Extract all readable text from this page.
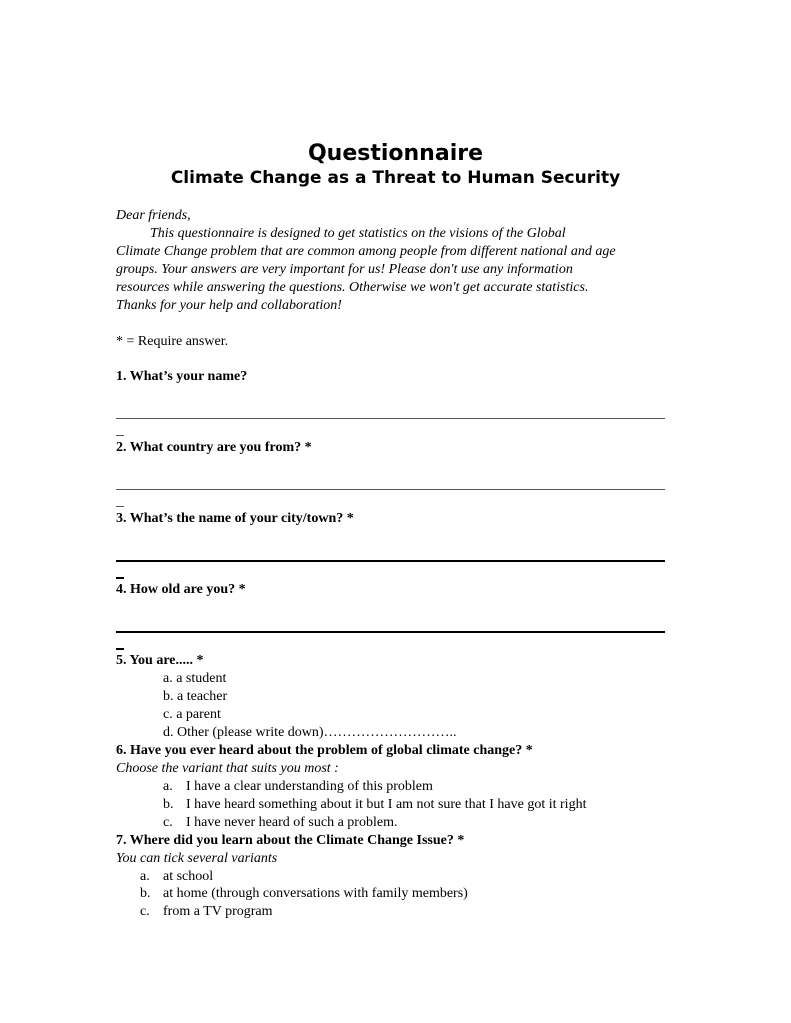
Questionnaire
Climate Change as a Threat to Human Security
Dear friends,
This questionnaire is designed to get statistics on the visions of the Global
Climate Change problem that are common among people from different national and age
groups. Your answers are very important for us! Please don't use any information
resources while answering the questions. Otherwise we won't get accurate statistics.
Thanks for your help and collaboration!
* = Require answer.
1. What’s your name?
2. What country are you from? *
3. What’s the name of your city/town? *
4. How old are you? *
5. You are..... *
a. a student
b. a teacher
c. a parent
d. Other (please write down)………………………..
6. Have you ever heard about the problem of global climate change? *
Choose the variant that suits you most :
a. I have a clear understanding of this problem
b. I have heard something about it but I am not sure that I have got it right
c. I have never heard of such a problem.
7. Where did you learn about the Climate Change Issue? *
You can tick several variants
a. at school
b. at home (through conversations with family members)
c. from a TV program
